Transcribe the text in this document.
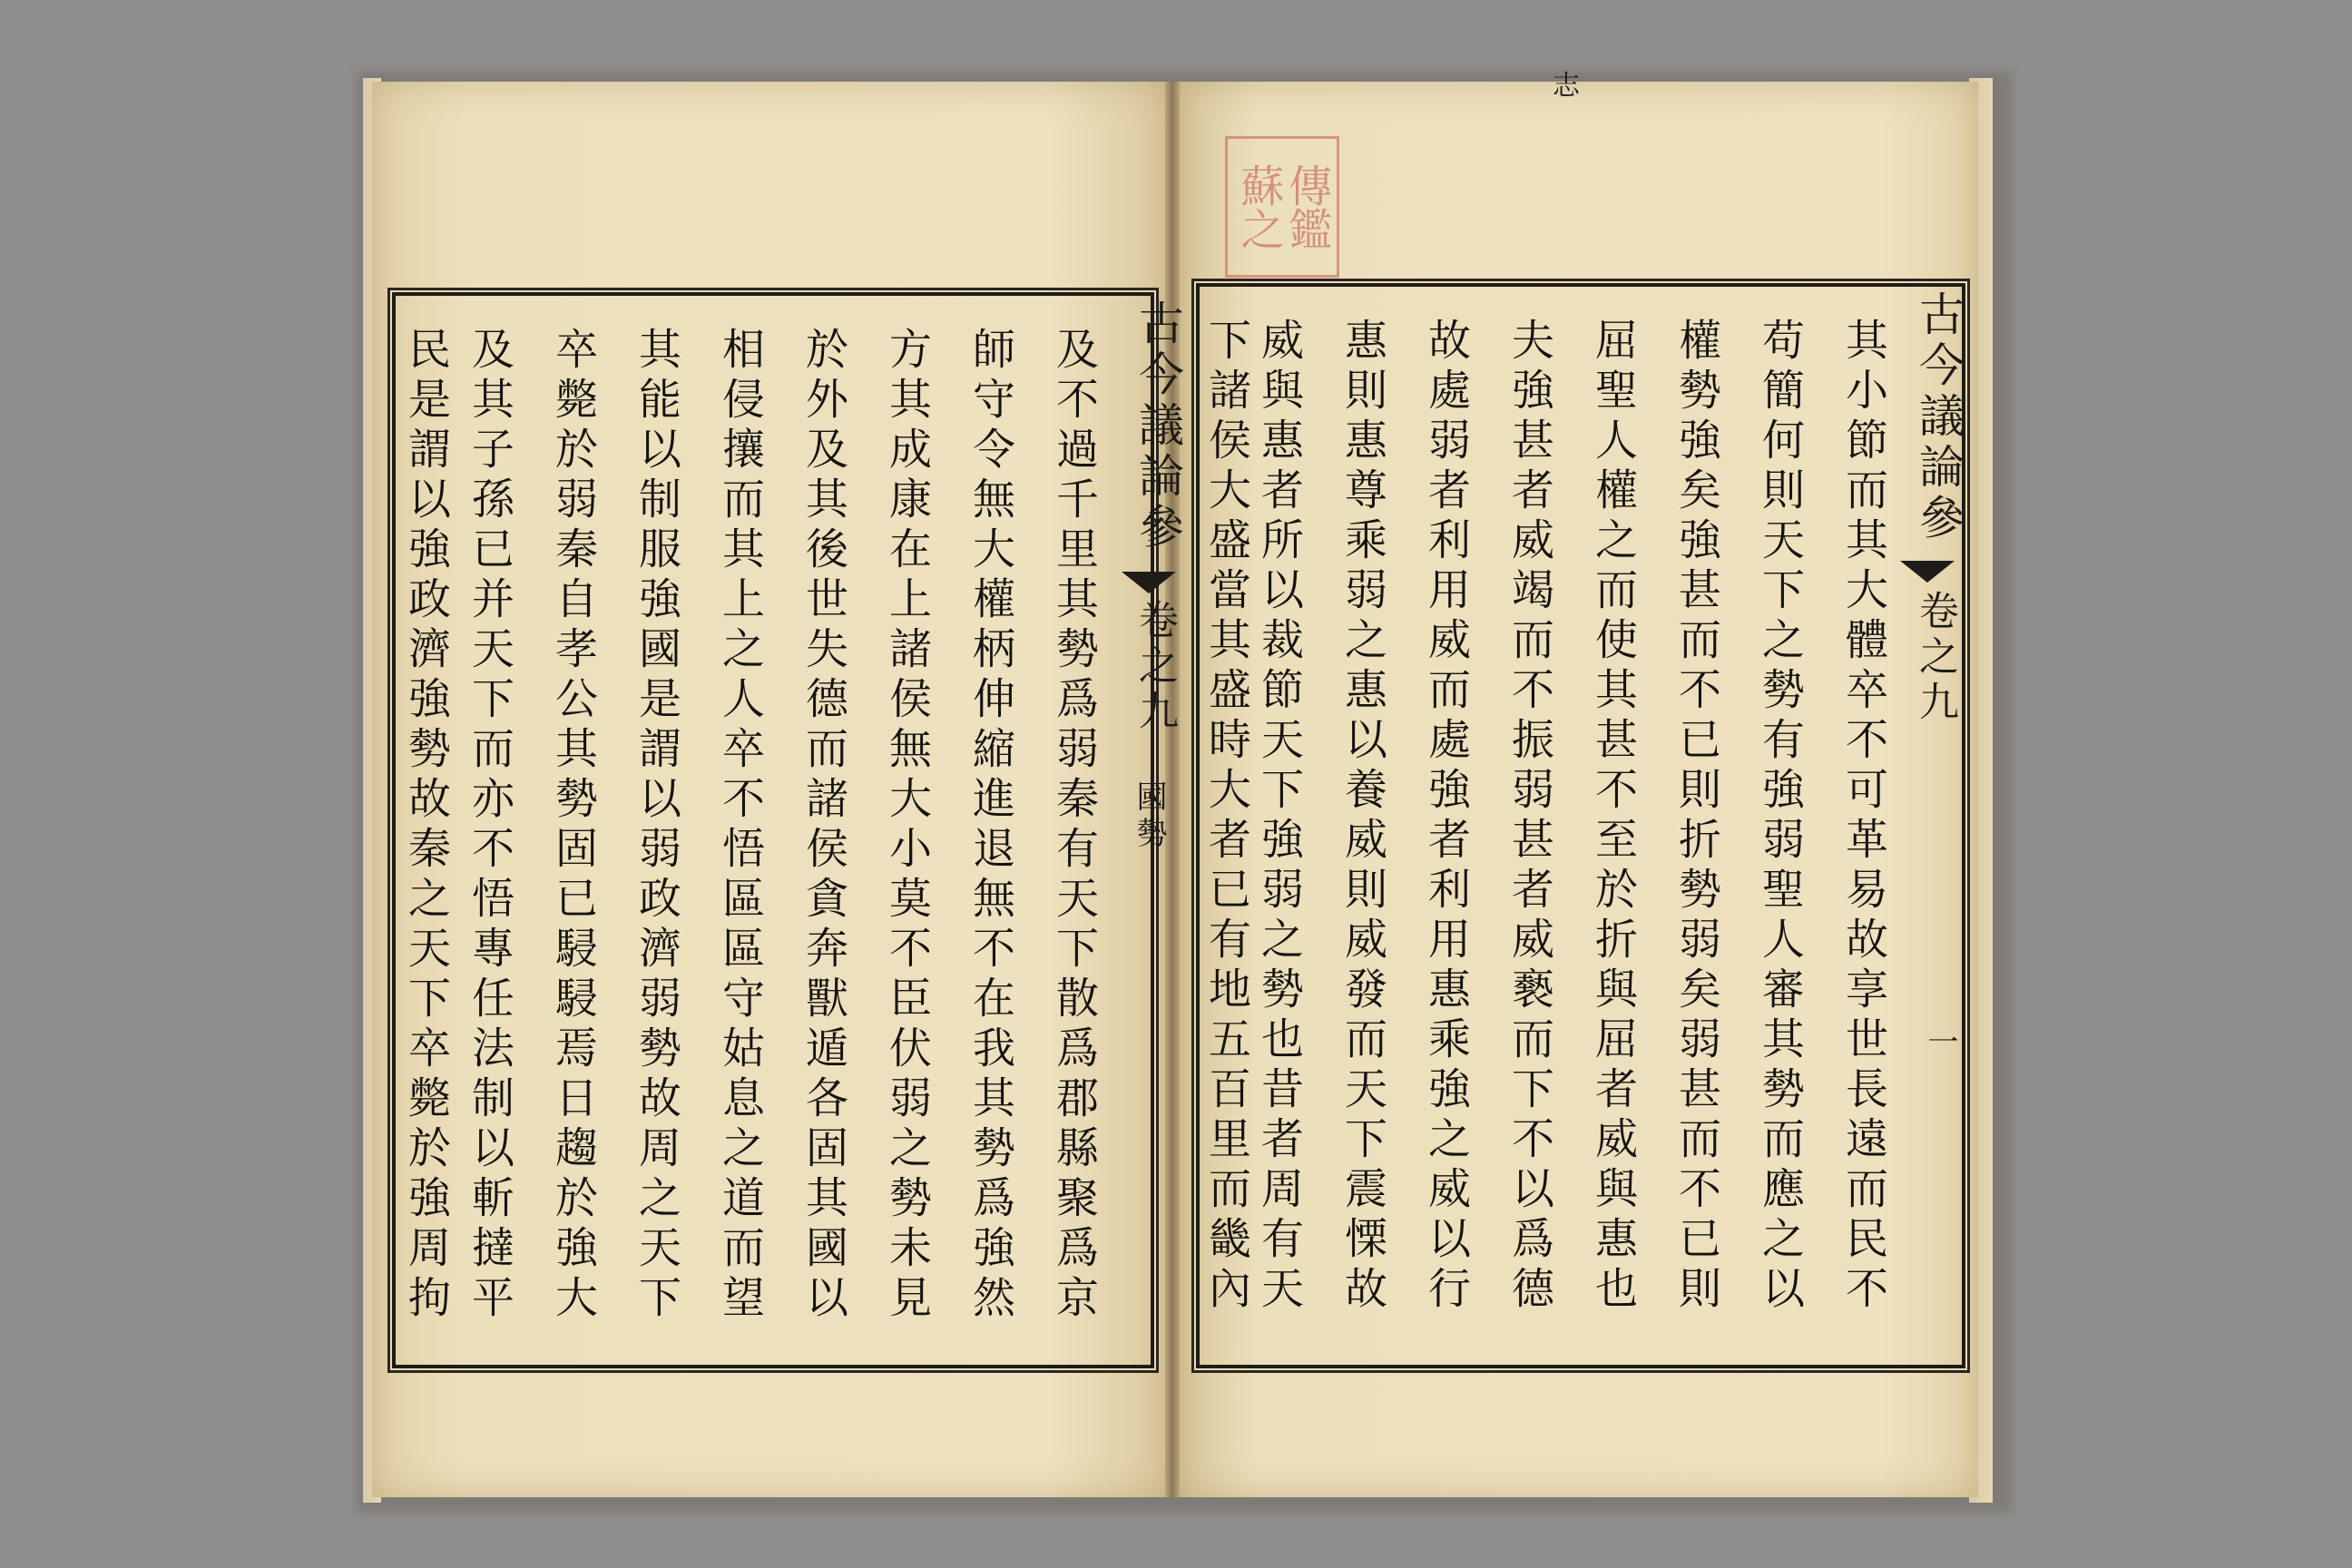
志
蘇
傳
之
鑑
古今議論參
卷之九
國勢
古今議論參
卷之九
一
及不過千里其勢爲弱秦有天下散爲郡縣聚爲京
師守令無大權柄伸縮進退無不在我其勢爲強然
方其成康在上諸侯無大小莫不臣伏弱之勢未見
於外及其後世失德而諸侯貪奔獸遁各固其國以
相侵攘而其上之人卒不悟區區守姑息之道而望
其能以制服強國是謂以弱政濟弱勢故周之天下
卒斃於弱秦自孝公其勢固已駸駸焉日趨於強大
及其子孫已并天下而亦不悟專任法制以斬撻平
民是謂以強政濟強勢故秦之天下卒斃於強周拘	其小節而其大體卒不可革易故享世長遠而民不
苟簡何則天下之勢有強弱聖人審其勢而應之以
權勢強矣強甚而不已則折勢弱矣弱甚而不已則
屈聖人權之而使其甚不至於折與屈者威與惠也
夫強甚者威竭而不振弱甚者威褻而下不以爲德
故處弱者利用威而處強者利用惠乘強之威以行
惠則惠尊乘弱之惠以養威則威發而天下震慄故
威與惠者所以裁節天下強弱之勢也昔者周有天
下諸侯大盛當其盛時大者已有地五百里而畿內
